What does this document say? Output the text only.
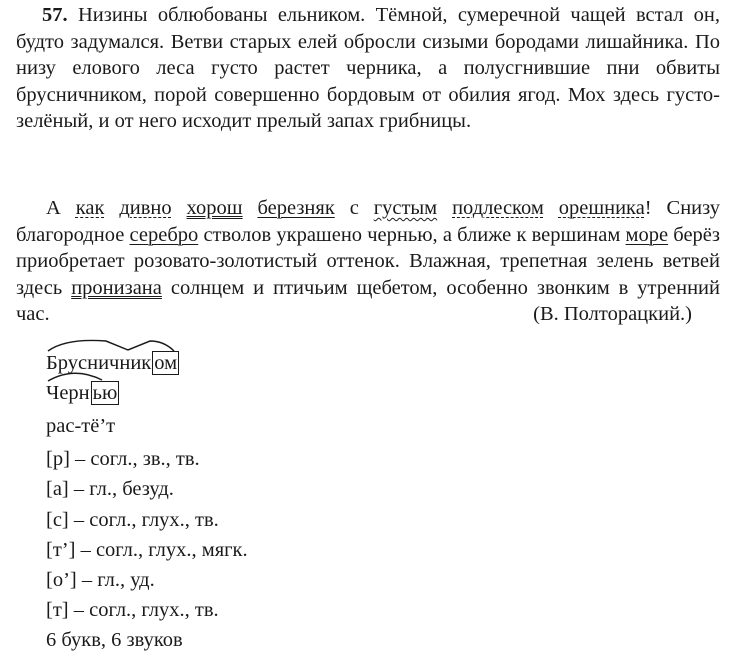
57. Низины облюбованы ельником. Тёмной, сумеречной чащей встал он, будто задумался. Ветви старых елей обросли сизыми бородами лишайника. По низу елового леса густо растет черника, а полусгнившие пни обвиты брусничником, порой совершенно бордовым от обилия ягод. Мох здесь густо-зелёный, и от него исходит прелый запах грибницы.
А как дивно хорош березняк с густым подлеском орешника! Снизу благородное серебро стволов украшено чернью, а ближе к вершинам море берёз приобретает розовато-золотистый оттенок. Влажная, трепетная зелень ветвей здесь пронизана солнцем и птичьим щебетом, особенно звонким в утренний час.	(В. Полторацкий.)
Брусничник ом
Черн ью
рас-тё’т
[р] – согл., зв., тв.
[а] – гл., безуд.
[с] – согл., глух., тв.
[т’] – согл., глух., мягк.
[о’] – гл., уд.
[т] – согл., глух., тв.
6 букв, 6 звуков
